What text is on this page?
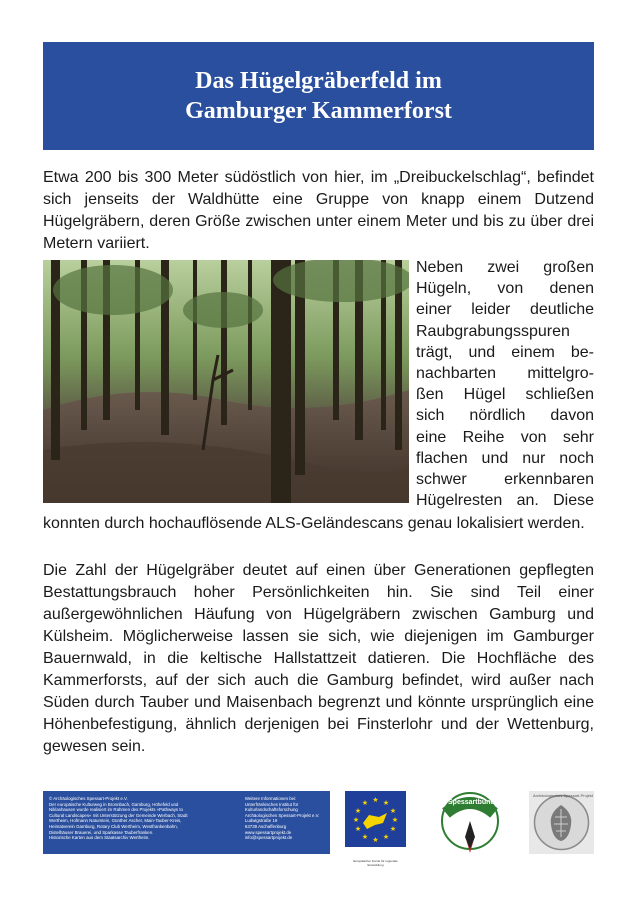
Das Hügelgräberfeld im
Gamburger Kammerforst

Etwa 200 bis 300 Meter südöstlich von hier, im „Dreibuckelschlag“, befindet sich jenseits der Waldhütte eine Gruppe von knapp einem Dutzend Hügelgräbern, deren Größe zwischen unter einem Meter und bis zu über drei Metern variiert.

Neben zwei großen
Hügeln, von denen
einer leider deutliche
Raubgrabungsspuren
trägt, und einem be-
nachbarten mittelgro-
ßen Hügel schließen
sich nördlich davon
eine Reihe von sehr
flachen und nur noch
schwer erkennbaren
Hügelresten an. Diese

konnten durch hochauflösende ALS-Geländescans genau lokalisiert werden.

Die Zahl der Hügelgräber deutet auf einen über Generationen gepflegten Bestattungsbrauch hoher Persönlichkeiten hin. Sie sind Teil einer außergewöhnlichen Häufung von Hügelgräbern zwischen Gamburg und Külsheim. Möglicherweise lassen sie sich, wie diejenigen im Gamburger Bauernwald, in die keltische Hallstattzeit datieren. Die Hochfläche des Kammerforsts, auf der sich auch die Gamburg befindet, wird außer nach Süden durch Tauber und Maisenbach begrenzt und könnte ursprünglich eine Höhenbefestigung, ähnlich derjenigen bei Finsterlohr und der Wettenburg, gewesen sein.

© Archäologisches Spessart-Projekt e.V.
Der europäische Kulturweg in Bronnbach, Gamburg, Höhefeld und
Niklashausen wurde realisiert im Rahmen des Projekts »Pathways to
Cultural Landscapes« mit Unterstützung der Gemeinde Werbach, Stadt
Wertheim, Hofmann Naturstein, Günther Ascher, Main-Tauber-Kreis,
Heimatverein Gamburg, Rotary Club Wertheim, Westfrankenbahn,
Distelhäuser Brauerei, und Sparkasse Tauberfranken.
Historische Karten aus dem Staatsarchiv Wertheim.
Weitere Informationen bei:
Unterfränkisches Institut für
Kulturlandschaftsforschung
Archäologisches Spessart-Projekt e.V.
Ludwigstraße 19
63739 Aschaffenburg
www.spessartprojekt.de
info@spessartprojekt.de
★ ★
★
★
★
★
★
★
★
★
★
★
Europäischer Fonds für regionale Entwicklung
Spessartbund
Archäologisches Spessart-Projekt
